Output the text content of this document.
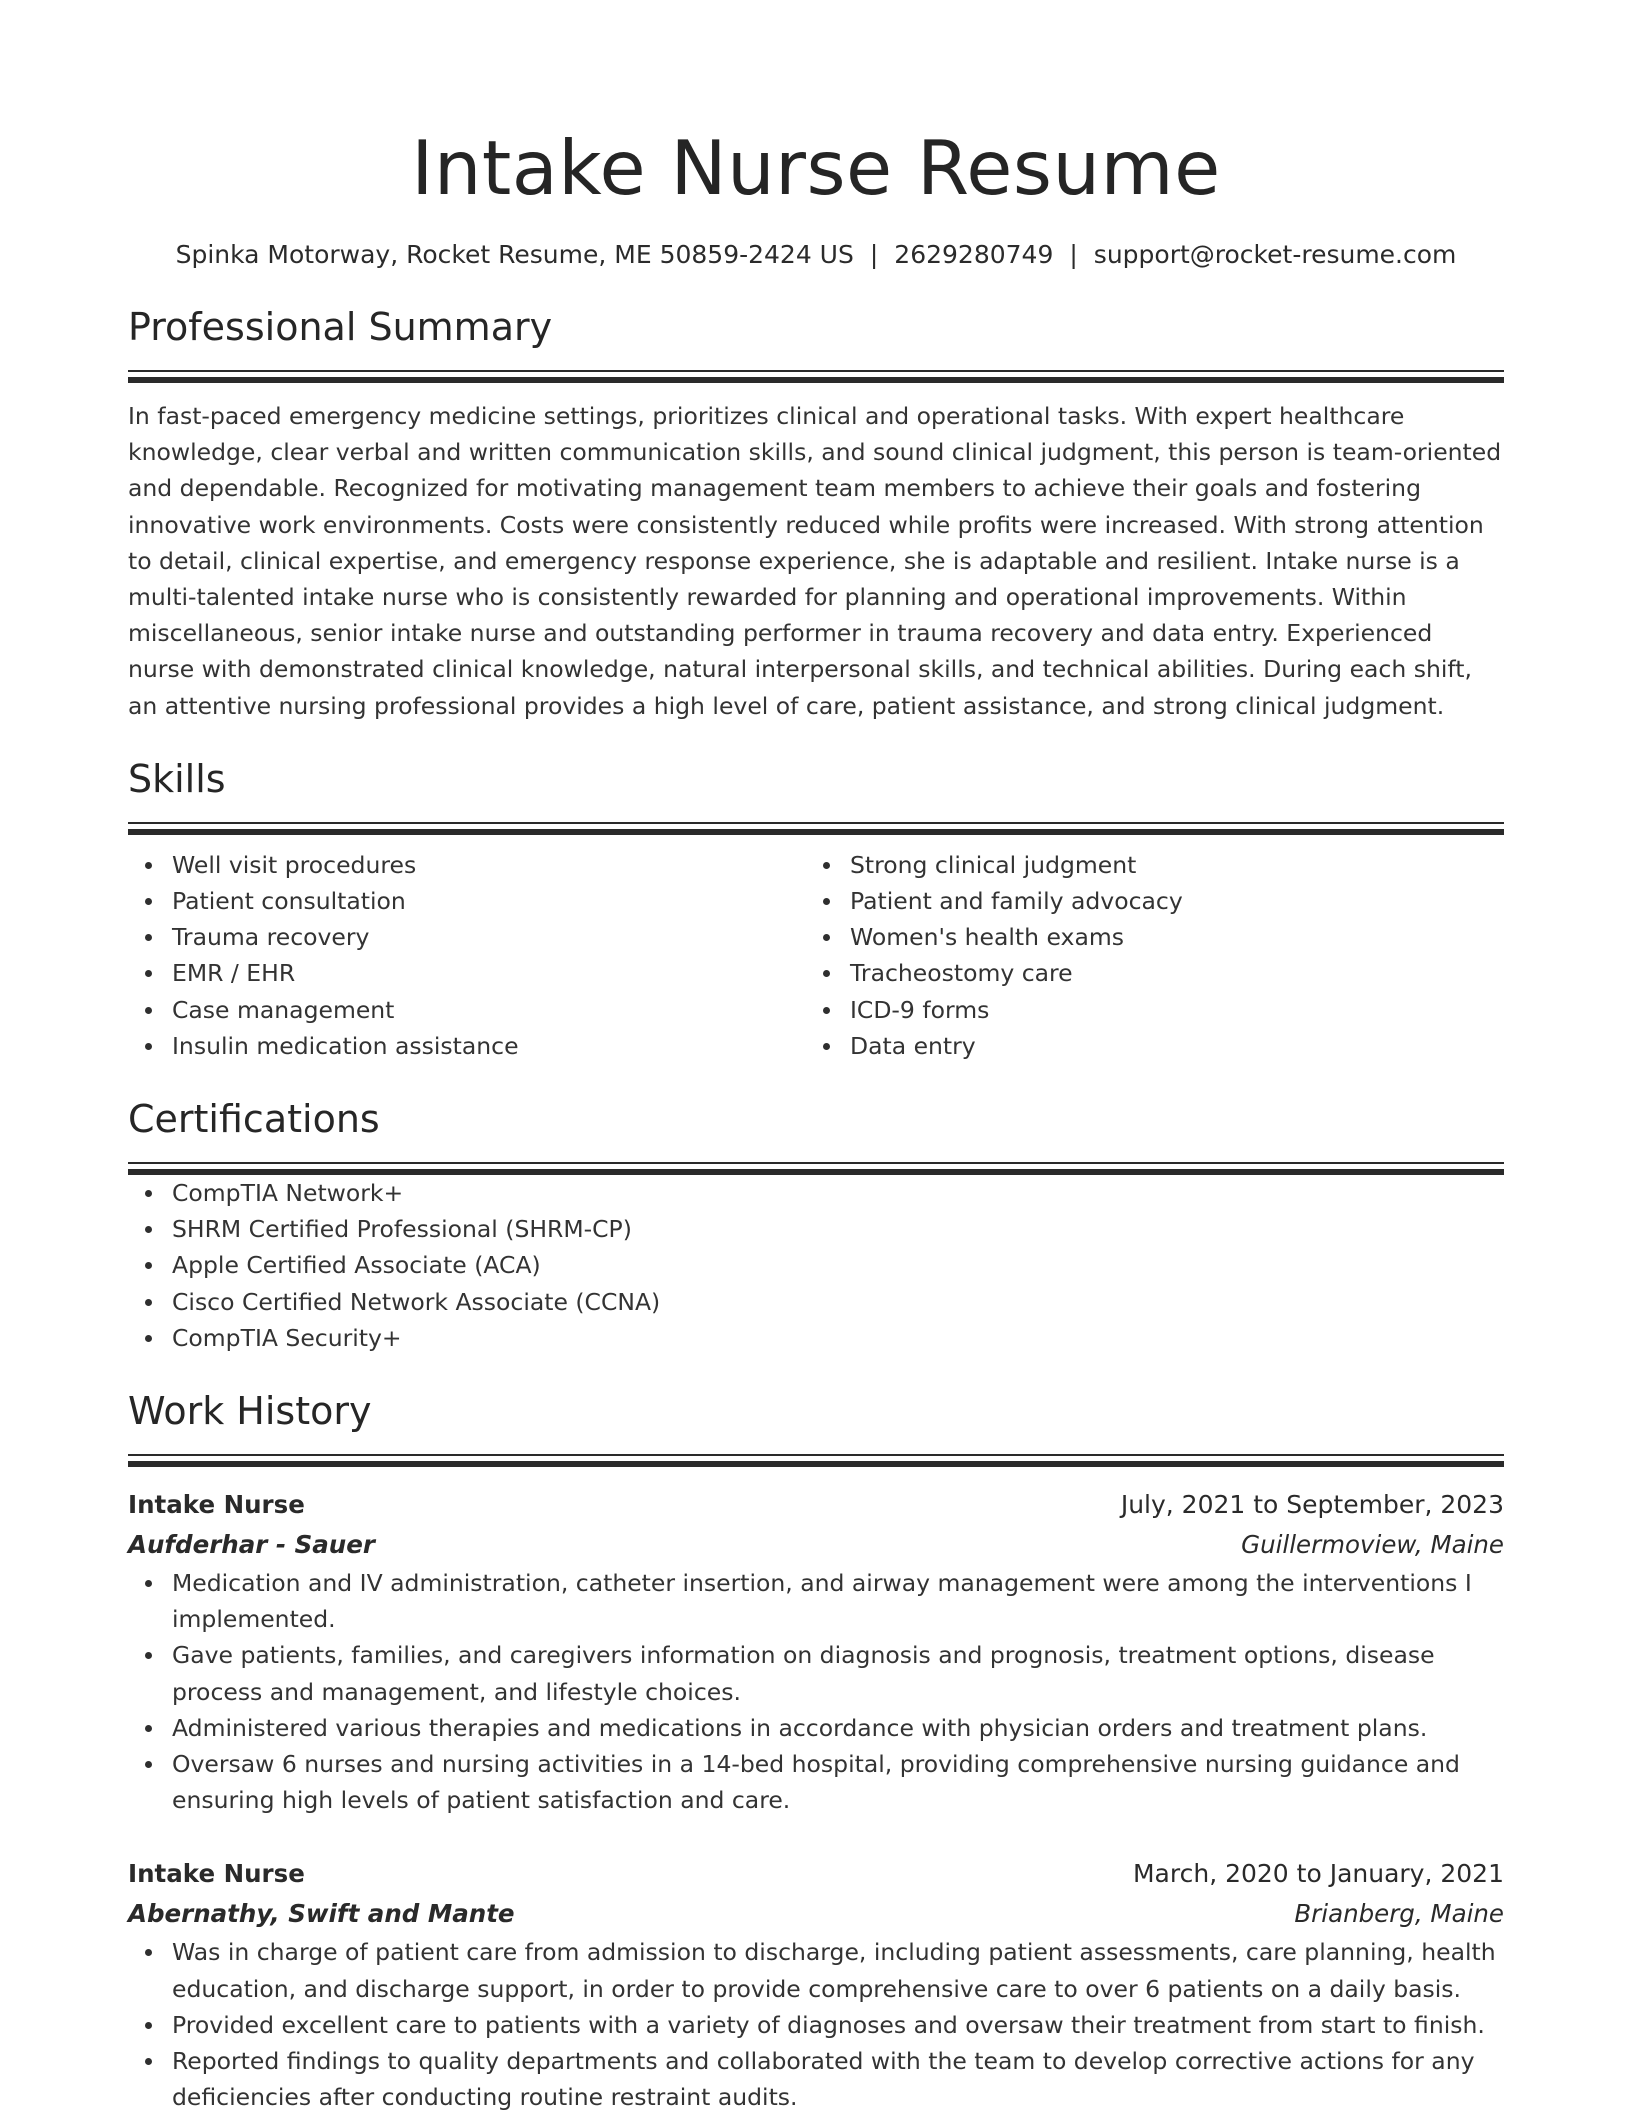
Intake Nurse Resume
Spinka Motorway, Rocket Resume, ME 50859-2424 US | 2629280749 | support@rocket-resume.com
Professional Summary

In fast-paced emergency medicine settings, prioritizes clinical and operational tasks. With expert healthcare knowledge, clear verbal and written communication skills, and sound clinical judgment, this person is team-oriented and dependable. Recognized for motivating management team members to achieve their goals and fostering innovative work environments. Costs were consistently reduced while profits were increased. With strong attention to detail, clinical expertise, and emergency response experience, she is adaptable and resilient. Intake nurse is a multi-talented intake nurse who is consistently rewarded for planning and operational improvements. Within miscellaneous, senior intake nurse and outstanding performer in trauma recovery and data entry. Experienced nurse with demonstrated clinical knowledge, natural interpersonal skills, and technical abilities. During each shift, an attentive nursing professional provides a high level of care, patient assistance, and strong clinical judgment.

Skills
Well visit procedures
Patient consultation
Trauma recovery
EMR / EHR
Case management
Insulin medication assistance
Strong clinical judgment
Patient and family advocacy
Women's health exams
Tracheostomy care
ICD-9 forms
Data entry
Certifications
CompTIA Network+
SHRM Certified Professional (SHRM-CP)
Apple Certified Associate (ACA)
Cisco Certified Network Associate (CCNA)
CompTIA Security+
Work History
Intake Nurse	July, 2021 to September, 2023
Aufderhar - Sauer	Guillermoview, Maine
Medication and IV administration, catheter insertion, and airway management were among the interventions I implemented.
Gave patients, families, and caregivers information on diagnosis and prognosis, treatment options, disease process and management, and lifestyle choices.
Administered various therapies and medications in accordance with physician orders and treatment plans.
Oversaw 6 nurses and nursing activities in a 14-bed hospital, providing comprehensive nursing guidance and ensuring high levels of patient satisfaction and care.
Intake Nurse	March, 2020 to January, 2021
Abernathy, Swift and Mante	Brianberg, Maine
Was in charge of patient care from admission to discharge, including patient assessments, care planning, health education, and discharge support, in order to provide comprehensive care to over 6 patients on a daily basis.
Provided excellent care to patients with a variety of diagnoses and oversaw their treatment from start to finish.
Reported findings to quality departments and collaborated with the team to develop corrective actions for any deficiencies after conducting routine restraint audits.
